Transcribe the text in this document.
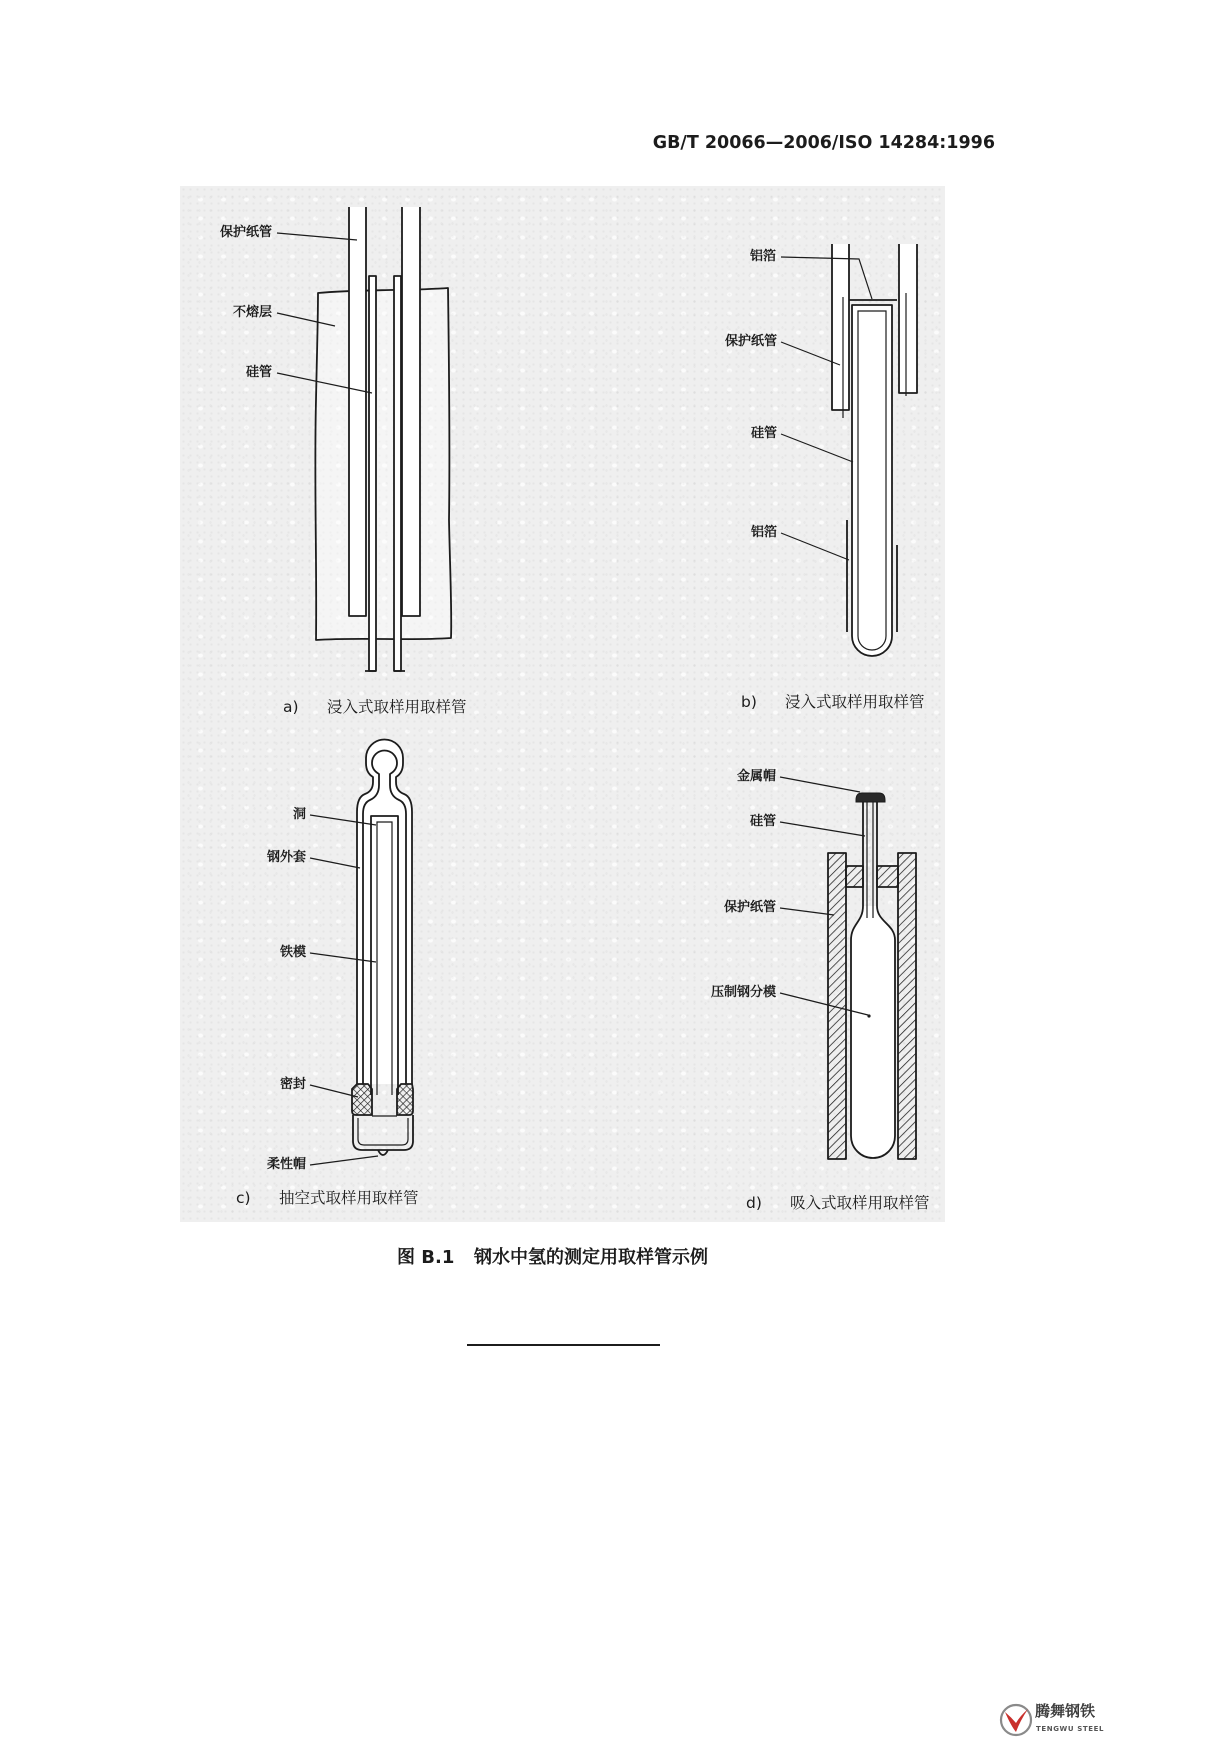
GB/T 20066—2006/ISO 14284:1996
保护纸管
不熔层
硅管
a) 浸入式取样用取样管
铝箔
保护纸管
硅管
铝箔
b) 浸入式取样用取样管
洞
钢外套
铁模
密封
柔性帽
c) 抽空式取样用取样管
金属帽
硅管
保护纸管
压制钢分模
d) 吸入式取样用取样管
图 B.1 钢水中氢的测定用取样管示例
腾舞钢铁
TENGWU STEEL
